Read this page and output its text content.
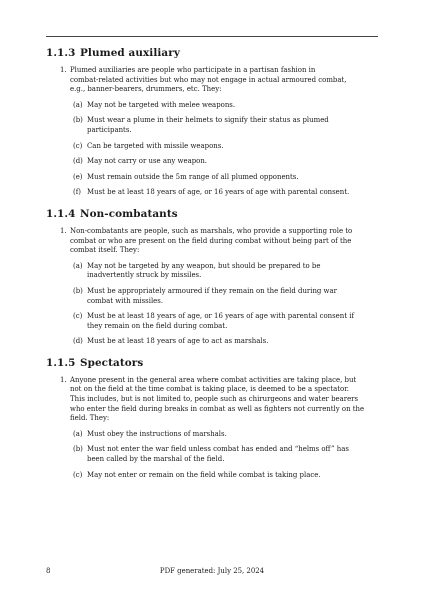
1.1.3 Plumed auxiliary
1. Plumed auxiliaries are people who participate in a partisan fashion in
combat-related activities but who may not engage in actual armoured combat,
e.g., banner-bearers, drummers, etc. They:
(a) May not be targeted with melee weapons.
(b) Must wear a plume in their helmets to signify their status as plumed
participants.
(c) Can be targeted with missile weapons.
(d) May not carry or use any weapon.
(e) Must remain outside the 5m range of all plumed opponents.
(f) Must be at least 18 years of age, or 16 years of age with parental consent.
1.1.4 Non-combatants
1. Non-combatants are people, such as marshals, who provide a supporting role to
combat or who are present on the field during combat without being part of the
combat itself. They:
(a) May not be targeted by any weapon, but should be prepared to be
inadvertently struck by missiles.
(b) Must be appropriately armoured if they remain on the field during war
combat with missiles.
(c) Must be at least 18 years of age, or 16 years of age with parental consent if
they remain on the field during combat.
(d) Must be at least 18 years of age to act as marshals.
1.1.5 Spectators
1. Anyone present in the general area where combat activities are taking place, but
not on the field at the time combat is taking place, is deemed to be a spectator.
This includes, but is not limited to, people such as chirurgeons and water bearers
who enter the field during breaks in combat as well as fighters not currently on the
field. They:
(a) Must obey the instructions of marshals.
(b) Must not enter the war field unless combat has ended and “helms off” has
been called by the marshal of the field.
(c) May not enter or remain on the field while combat is taking place.
8	PDF generated: July 25, 2024
